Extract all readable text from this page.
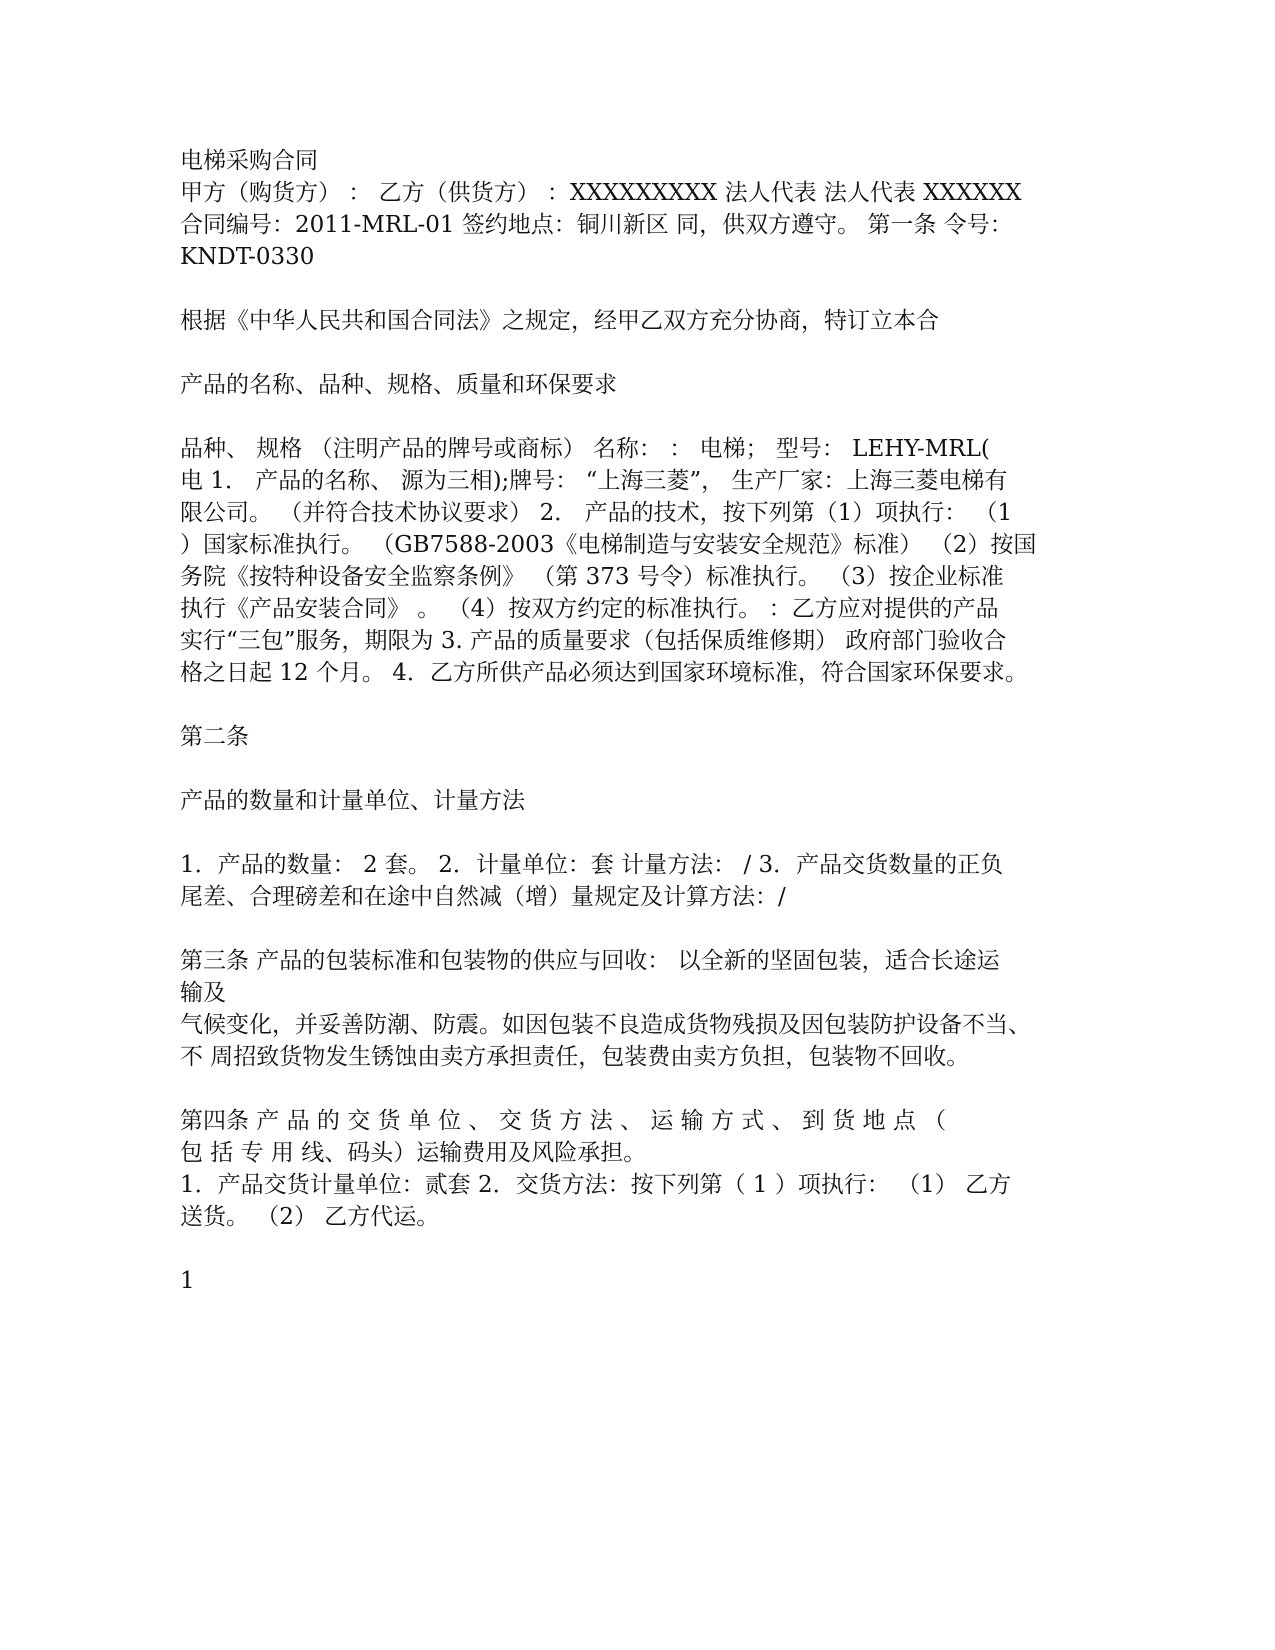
电梯采购合同

甲方（购货方） ： 乙方（供货方） ：XXXXXXXXX 法人代表 法人代表 XXXXXX

合同编号：2011-MRL-01 签约地点：铜川新区 同，供双方遵守。 第一条 令号：

KNDT-0330

根据《中华人民共和国合同法》之规定，经甲乙双方充分协商，特订立本合

产品的名称、品种、规格、质量和环保要求

品种、 规格 （注明产品的牌号或商标） 名称： ： 电梯； 型号： LEHY-MRL(

电 1． 产品的名称、 源为三相);牌号： “上海三菱”， 生产厂家：上海三菱电梯有

限公司。 （并符合技术协议要求） 2． 产品的技术，按下列第（1）项执行： （1

）国家标准执行。 （GB7588-2003《电梯制造与安装安全规范》标准） （2）按国

务院《按特种设备安全监察条例》 （第 373 号令）标准执行。 （3）按企业标准

执行《产品安装合同》 。 （4）按双方约定的标准执行。 ：乙方应对提供的产品

实行“三包”服务，期限为 3. 产品的质量要求（包括保质维修期） 政府部门验收合

格之日起 12 个月。 4．乙方所供产品必须达到国家环境标准，符合国家环保要求。

第二条

产品的数量和计量单位、计量方法

1．产品的数量： 2 套。 2．计量单位：套 计量方法： / 3．产品交货数量的正负

尾差、合理磅差和在途中自然减（增）量规定及计算方法：/

第三条 产品的包装标准和包装物的供应与回收： 以全新的坚固包装，适合长途运

输及

气候变化，并妥善防潮、防震。如因包装不良造成货物残损及因包装防护设备不当、

不 周招致货物发生锈蚀由卖方承担责任，包装费由卖方负担，包装物不回收。

第四条 产 品 的 交 货 单 位 、 交 货 方 法 、 运 输 方 式 、 到 货 地 点 （

包 括 专 用 线、码头）运输费用及风险承担。

1．产品交货计量单位：贰套 2．交货方法：按下列第（ 1 ）项执行： （1） 乙方

送货。 （2） 乙方代运。

1
